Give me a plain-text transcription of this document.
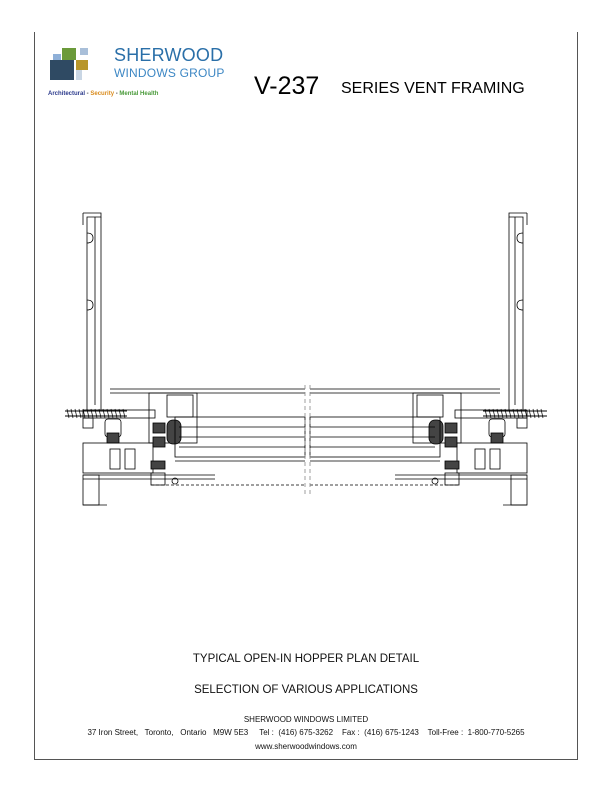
SHERWOOD
WINDOWS GROUP
Architectural - Security - Mental Health	V-237 SERIES VENT FRAMING
TYPICAL OPEN-IN HOPPER PLAN DETAIL
SELECTION OF VARIOUS APPLICATIONS
SHERWOOD WINDOWS LIMITED
37 Iron Street,   Toronto,   Ontario   M9W 5E3     Tel :  (416) 675-3262    Fax :  (416) 675-1243    Toll-Free :  1-800-770-5265
www.sherwoodwindows.com
